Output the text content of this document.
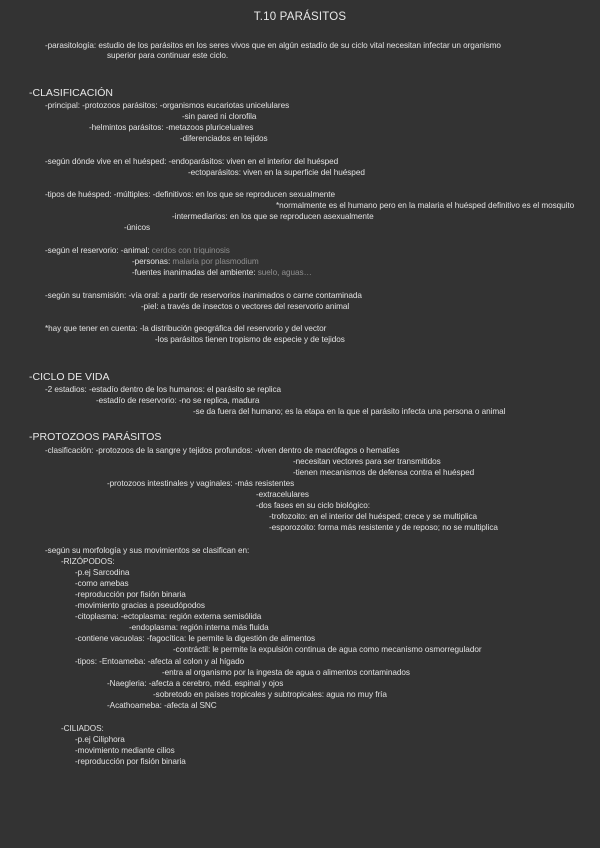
T.10 PARÁSITOS
-parasitología: estudio de los parásitos en los seres vivos que en algún estadío de su ciclo vital necesitan infectar un organismo
superior para continuar este ciclo.
-CLASIFICACIÓN
-principal: -protozoos parásitos: -organismos eucariotas unicelulares
-sin pared ni clorofila
-helmintos parásitos: -metazoos pluricelualres
-diferenciados en tejidos
-según dónde vive en el huésped: -endoparásitos: viven en el interior del huésped
-ectoparásitos: viven en la superficie del huésped
-tipos de huésped: -múltiples: -definitivos: en los que se reproducen sexualmente
*normalmente es el humano pero en la malaria el huésped definitivo es el mosquito
-intermediarios: en los que se reproducen asexualmente
-únicos
-según el reservorio: -animal: cerdos con triquinosis
-personas: malaria por plasmodium
-fuentes inanimadas del ambiente: suelo, aguas…
-según su transmisión: -vía oral: a partir de reservorios inanimados o carne contaminada
-piel: a través de insectos o vectores del reservorio animal
*hay que tener en cuenta: -la distribución geográfica del reservorio y del vector
-los parásitos tienen tropismo de especie y de tejidos
-CICLO DE VIDA
-2 estadios: -estadío dentro de los humanos: el parásito se replica
-estadío de reservorio: -no se replica, madura
-se da fuera del humano; es la etapa en la que el parásito infecta una persona o animal
-PROTOZOOS PARÁSITOS
-clasificación: -protozoos de la sangre y tejidos profundos: -viven dentro de macrófagos o hematíes
-necesitan vectores para ser transmitidos
-tienen mecanismos de defensa contra el huésped
-protozoos intestinales y vaginales: -más resistentes
-extracelulares
-dos fases en su ciclo biológico:
-trofozoito: en el interior del huésped; crece y se multiplica
-esporozoito: forma más resistente y de reposo; no se multiplica
-según su morfología y sus movimientos se clasifican en:
-RIZÓPODOS:
-p.ej Sarcodina
-como amebas
-reproducción por fisión binaria
-movimiento gracias a pseudópodos
-citoplasma: -ectoplasma: región externa semisólida
-endoplasma: región interna más fluida
-contiene vacuolas: -fagocítica: le permite la digestión de alimentos
-contráctil: le permite la expulsión continua de agua como mecanismo osmorregulador
-tipos: -Entoameba: -afecta al colon y al hígado
-entra al organismo por la ingesta de agua o alimentos contaminados
-Naegleria: -afecta a cerebro, méd. espinal y ojos
-sobretodo en países tropicales y subtropicales: agua no muy fría
-Acathoameba: -afecta al SNC
-CILIADOS:
-p.ej Ciliphora
-movimiento mediante cilios
-reproducción por fisión binaria
